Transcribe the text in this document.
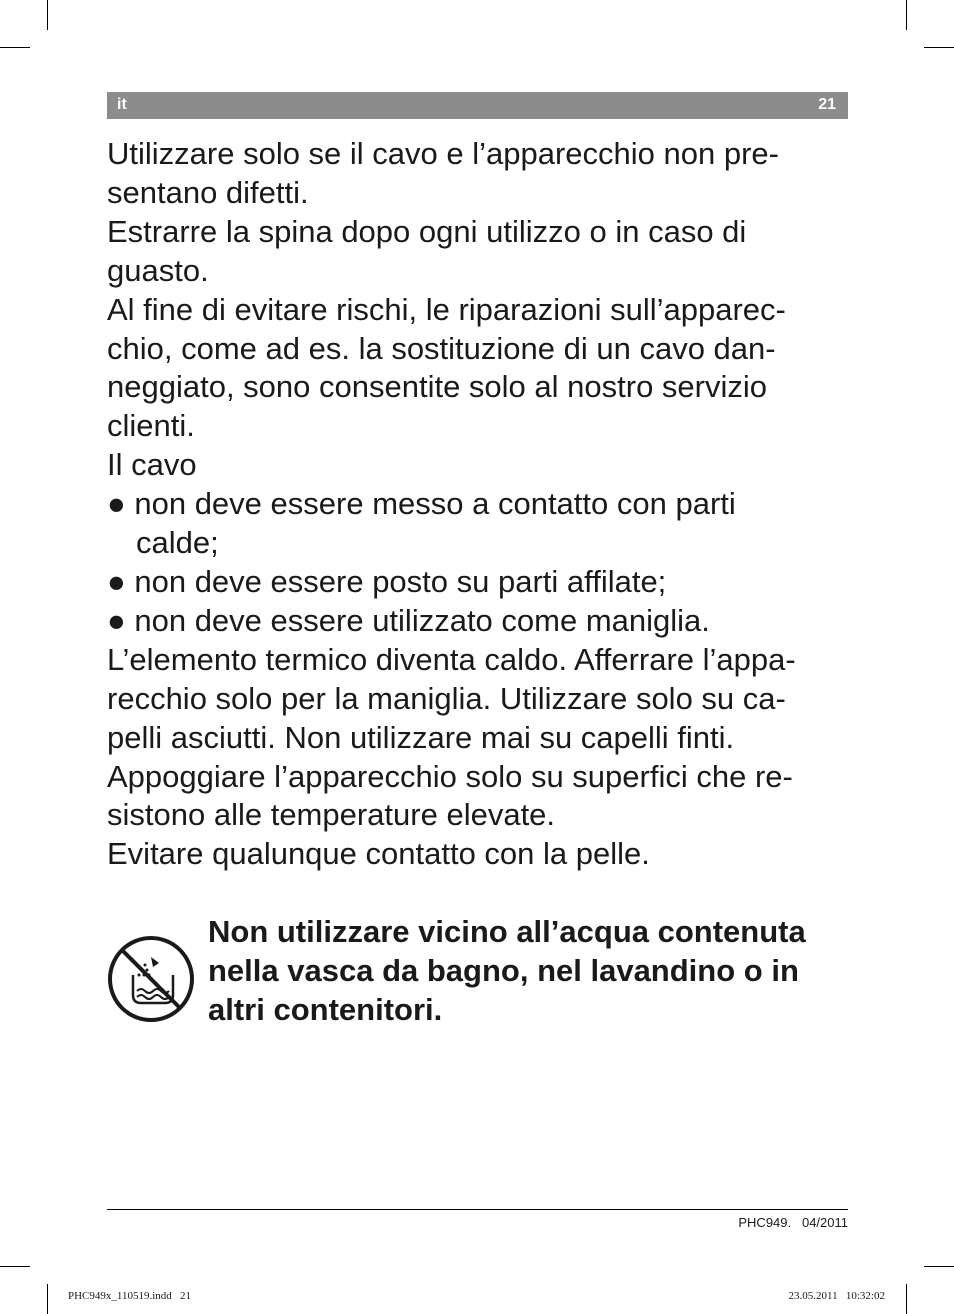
it	21
Utilizzare solo se il cavo e l’apparecchio non pre-
sentano difetti.
Estrarre la spina dopo ogni utilizzo o in caso di
guasto.
Al fine di evitare rischi, le riparazioni sull’apparec-
chio, come ad es. la sostituzione di un cavo dan-
neggiato, sono consentite solo al nostro servizio
clienti.
Il cavo
● non deve essere messo a contatto con parti
calde;
● non deve essere posto su parti affilate;
● non deve essere utilizzato come maniglia.
L’elemento termico diventa caldo. Afferrare l’appa-
recchio solo per la maniglia. Utilizzare solo su ca-
pelli asciutti. Non utilizzare mai su capelli finti.
Appoggiare l’apparecchio solo su superfici che re-
sistono alle temperature elevate.
Evitare qualunque contatto con la pelle.
Non utilizzare vicino all’acqua contenuta
nella vasca da bagno, nel lavandino o in
altri contenitori.
PHC949.   04/2011
PHC949x_110519.indd   21	23.05.2011   10:32:02
